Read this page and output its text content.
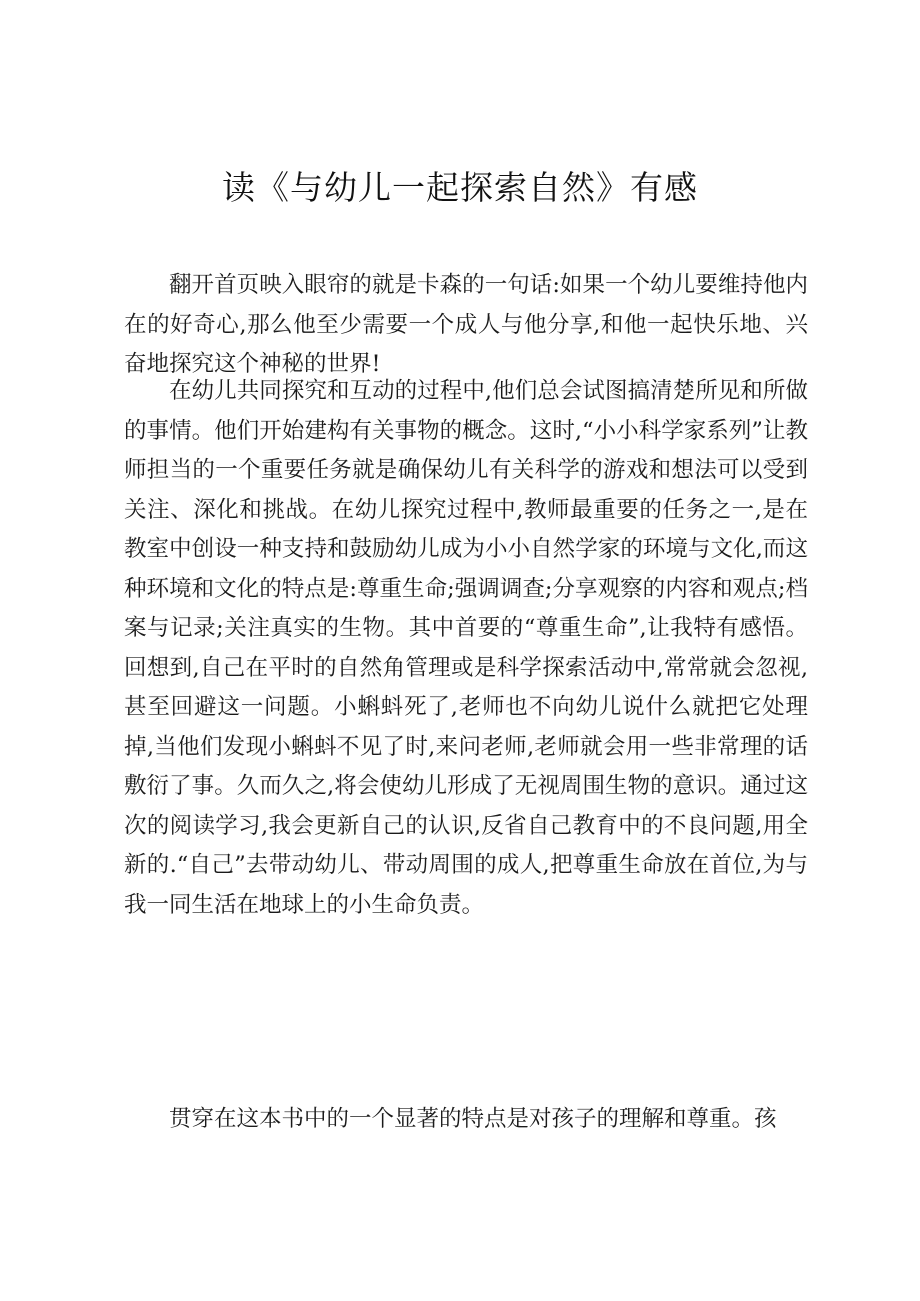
读《与幼儿一起探索自然》有感

翻开首页映入眼帘的就是卡森的一句话:如果一个幼儿要维持他内在的好奇心,那么他至少需要一个成人与他分享,和他一起快乐地、兴奋地探究这个神秘的世界!

在幼儿共同探究和互动的过程中,他们总会试图搞清楚所见和所做的事情。他们开始建构有关事物的概念。这时,“小小科学家系列”让教师担当的一个重要任务就是确保幼儿有关科学的游戏和想法可以受到关注、深化和挑战。在幼儿探究过程中,教师最重要的任务之一,是在教室中创设一种支持和鼓励幼儿成为小小自然学家的环境与文化,而这种环境和文化的特点是:尊重生命;强调调查;分享观察的内容和观点;档案与记录;关注真实的生物。其中首要的“尊重生命”,让我特有感悟。回想到,自己在平时的自然角管理或是科学探索活动中,常常就会忽视,甚至回避这一问题。小蝌蚪死了,老师也不向幼儿说什么就把它处理掉,当他们发现小蝌蚪不见了时,来问老师,老师就会用一些非常理的话敷衍了事。久而久之,将会使幼儿形成了无视周围生物的意识。通过这次的阅读学习,我会更新自己的认识,反省自己教育中的不良问题,用全新的.“自己”去带动幼儿、带动周围的成人,把尊重生命放在首位,为与我一同生活在地球上的小生命负责。

贯穿在这本书中的一个显著的特点是对孩子的理解和尊重。孩
